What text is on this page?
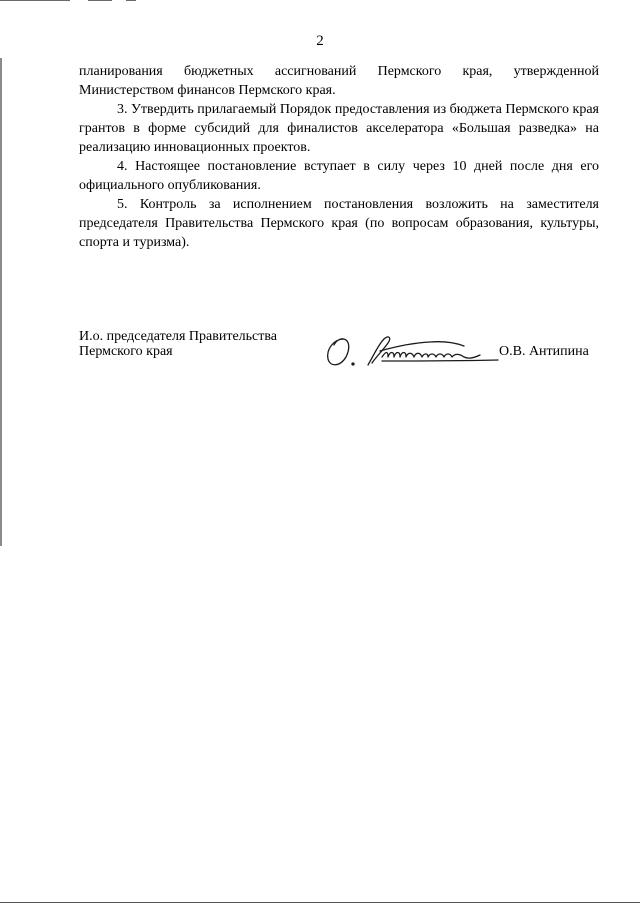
2

планирования бюджетных ассигнований Пермского края, утвержденной Министерством финансов Пермского края.

3. Утвердить прилагаемый Порядок предоставления из бюджета Пермского края грантов в форме субсидий для финалистов акселератора «Большая разведка» на реализацию инновационных проектов.

4. Настоящее постановление вступает в силу через 10 дней после дня его официального опубликования.

5. Контроль за исполнением постановления возложить на заместителя председателя Правительства Пермского края (по вопросам образования, культуры, спорта и туризма).

И.о. председателя Правительства
Пермского края	О.В. Антипина
